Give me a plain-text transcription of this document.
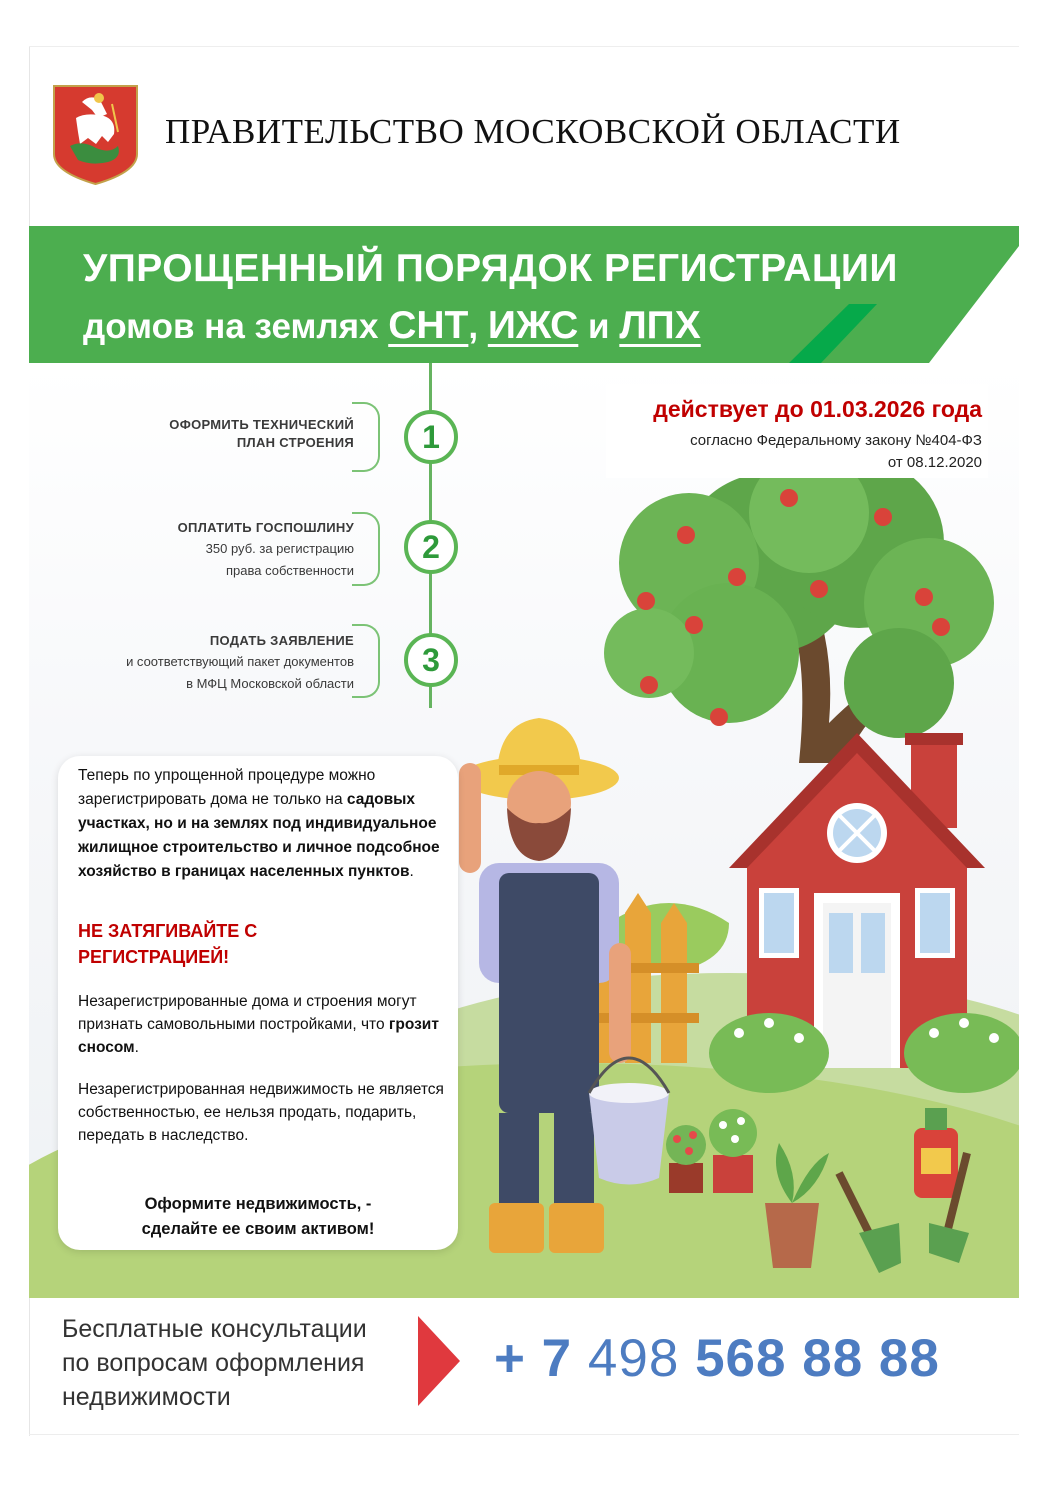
ПРАВИТЕЛЬСТВО МОСКОВСКОЙ ОБЛАСТИ
УПРОЩЕННЫЙ ПОРЯДОК РЕГИСТРАЦИИ
домов на землях СНТ, ИЖС и ЛПХ
действует до 01.03.2026 года
согласно Федеральному закону №404-ФЗ
от 08.12.2020
1
ОФОРМИТЬ ТЕХНИЧЕСКИЙ
ПЛАН СТРОЕНИЯ
2
ОПЛАТИТЬ ГОСПОШЛИНУ
350 руб. за регистрацию
права собственности
3
ПОДАТЬ ЗАЯВЛЕНИЕ
и соответствующий пакет документов
в МФЦ Московской области
Теперь по упрощенной процедуре можно зарегистрировать дома не только на садовых участках, но и на землях под индивидуальное жилищное строительство и личное подсобное хозяйство в границах населенных пунктов.
НЕ ЗАТЯГИВАЙТЕ С РЕГИСТРАЦИЕЙ!
Незарегистрированные дома и строения могут признать самовольными постройками, что грозит сносом.
Незарегистрированная недвижимость не является собственностью, ее нельзя продать, подарить, передать в наследство.
Оформите недвижимость, -
сделайте ее своим активом!
Бесплатные консультации
по вопросам оформления
недвижимости
+ 7 498 568 88 88
